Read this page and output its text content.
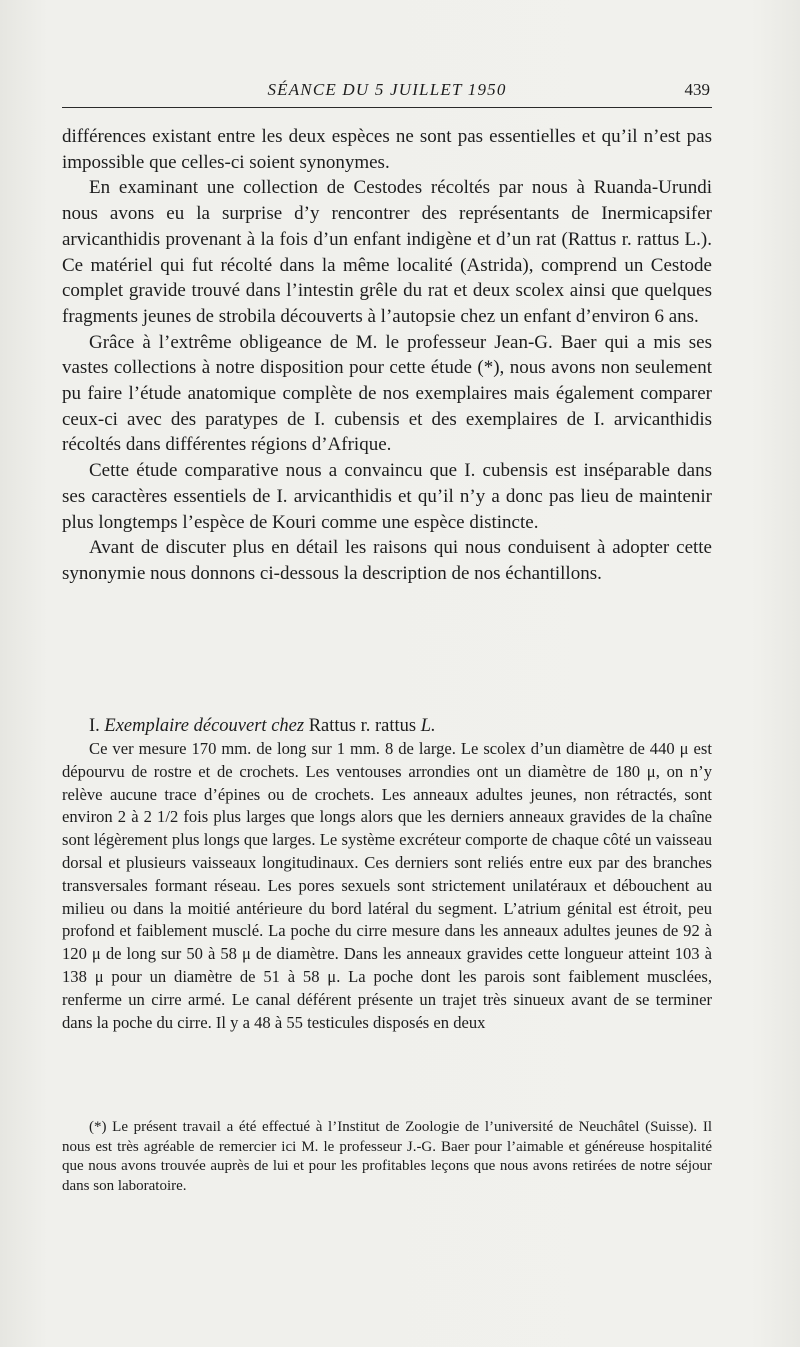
SÉANCE DU 5 JUILLET 1950	439

différences existant entre les deux espèces ne sont pas essentielles et qu’il n’est pas impossible que celles-ci soient synonymes.

En examinant une collection de Cestodes récoltés par nous à Ruanda-Urundi nous avons eu la surprise d’y rencontrer des représentants de Inermicapsifer arvicanthidis provenant à la fois d’un enfant indigène et d’un rat (Rattus r. rattus L.). Ce matériel qui fut récolté dans la même localité (Astrida), comprend un Cestode complet gravide trouvé dans l’intestin grêle du rat et deux scolex ainsi que quelques fragments jeunes de strobila découverts à l’autopsie chez un enfant d’environ 6 ans.

Grâce à l’extrême obligeance de M. le professeur Jean-G. Baer qui a mis ses vastes collections à notre disposition pour cette étude (*), nous avons non seulement pu faire l’étude anatomique complète de nos exemplaires mais également comparer ceux-ci avec des paratypes de I. cubensis et des exemplaires de I. arvicanthidis récoltés dans différentes régions d’Afrique.

Cette étude comparative nous a convaincu que I. cubensis est inséparable dans ses caractères essentiels de I. arvicanthidis et qu’il n’y a donc pas lieu de maintenir plus longtemps l’espèce de Kouri comme une espèce distincte.

Avant de discuter plus en détail les raisons qui nous conduisent à adopter cette synonymie nous donnons ci-dessous la description de nos échantillons.

I. Exemplaire découvert chez Rattus r. rattus L.

Ce ver mesure 170 mm. de long sur 1 mm. 8 de large. Le scolex d’un diamètre de 440 μ est dépourvu de rostre et de crochets. Les ventouses arrondies ont un diamètre de 180 μ, on n’y relève aucune trace d’épines ou de crochets. Les anneaux adultes jeunes, non rétractés, sont environ 2 à 2 1/2 fois plus larges que longs alors que les derniers anneaux gravides de la chaîne sont légèrement plus longs que larges. Le système excréteur comporte de chaque côté un vaisseau dorsal et plusieurs vaisseaux longitudinaux. Ces derniers sont reliés entre eux par des branches transversales formant réseau. Les pores sexuels sont strictement unilatéraux et débouchent au milieu ou dans la moitié antérieure du bord latéral du segment. L’atrium génital est étroit, peu profond et faiblement musclé. La poche du cirre mesure dans les anneaux adultes jeunes de 92 à 120 μ de long sur 50 à 58 μ de diamètre. Dans les anneaux gravides cette longueur atteint 103 à 138 μ pour un diamètre de 51 à 58 μ. La poche dont les parois sont faiblement musclées, renferme un cirre armé. Le canal déférent présente un trajet très sinueux avant de se terminer dans la poche du cirre. Il y a 48 à 55 testicules disposés en deux

(*) Le présent travail a été effectué à l’Institut de Zoologie de l’université de Neuchâtel (Suisse). Il nous est très agréable de remercier ici M. le professeur J.-G. Baer pour l’aimable et généreuse hospitalité que nous avons trouvée auprès de lui et pour les profitables leçons que nous avons retirées de notre séjour dans son laboratoire.
